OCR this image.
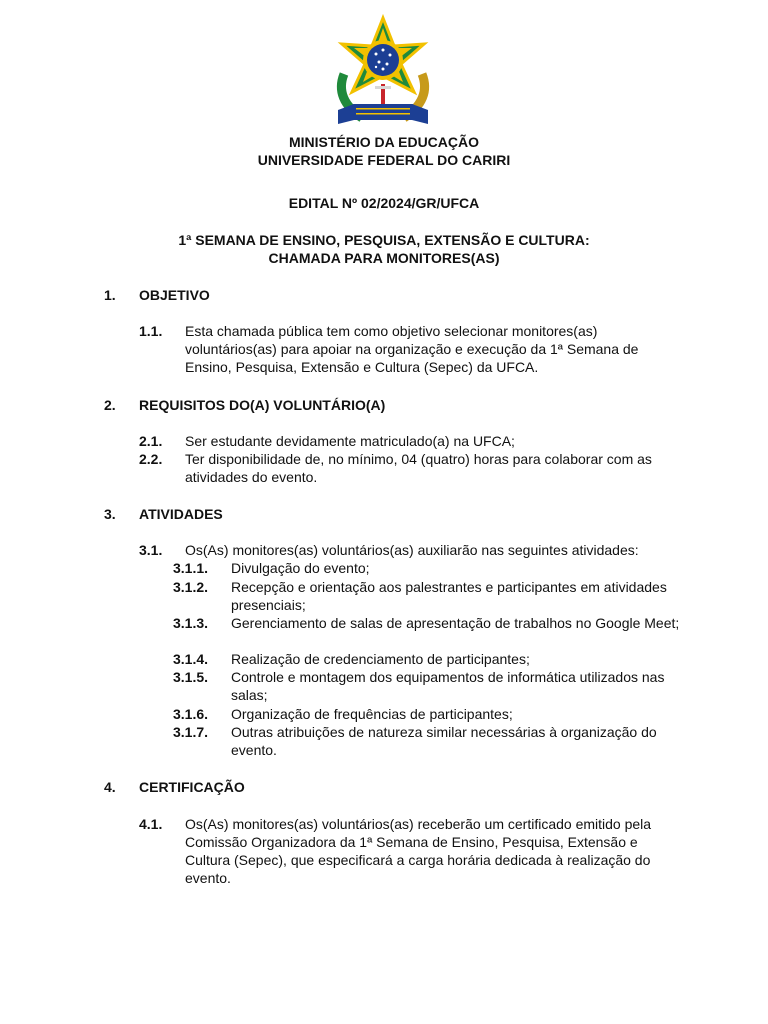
MINISTÉRIO DA EDUCAÇÃO
UNIVERSIDADE FEDERAL DO CARIRI
EDITAL Nº 02/2024/GR/UFCA
1ª SEMANA DE ENSINO, PESQUISA, EXTENSÃO E CULTURA:
CHAMADA PARA MONITORES(AS)
1. OBJETIVO
1.1. Esta chamada pública tem como objetivo selecionar monitores(as) voluntários(as) para apoiar na organização e execução da 1ª Semana de Ensino, Pesquisa, Extensão e Cultura (Sepec) da UFCA.
2. REQUISITOS DO(A) VOLUNTÁRIO(A)
2.1. Ser estudante devidamente matriculado(a) na UFCA;
2.2. Ter disponibilidade de, no mínimo, 04 (quatro) horas para colaborar com as atividades do evento.
3. ATIVIDADES
3.1. Os(As) monitores(as) voluntários(as) auxiliarão nas seguintes atividades:
3.1.1. Divulgação do evento;
3.1.2. Recepção e orientação aos palestrantes e participantes em atividades presenciais;
3.1.3. Gerenciamento de salas de apresentação de trabalhos no Google Meet;
3.1.4. Realização de credenciamento de participantes;
3.1.5. Controle e montagem dos equipamentos de informática utilizados nas salas;
3.1.6. Organização de frequências de participantes;
3.1.7. Outras atribuições de natureza similar necessárias à organização do evento.
4. CERTIFICAÇÃO
4.1. Os(As) monitores(as) voluntários(as) receberão um certificado emitido pela Comissão Organizadora da 1ª Semana de Ensino, Pesquisa, Extensão e Cultura (Sepec), que especificará a carga horária dedicada à realização do evento.
